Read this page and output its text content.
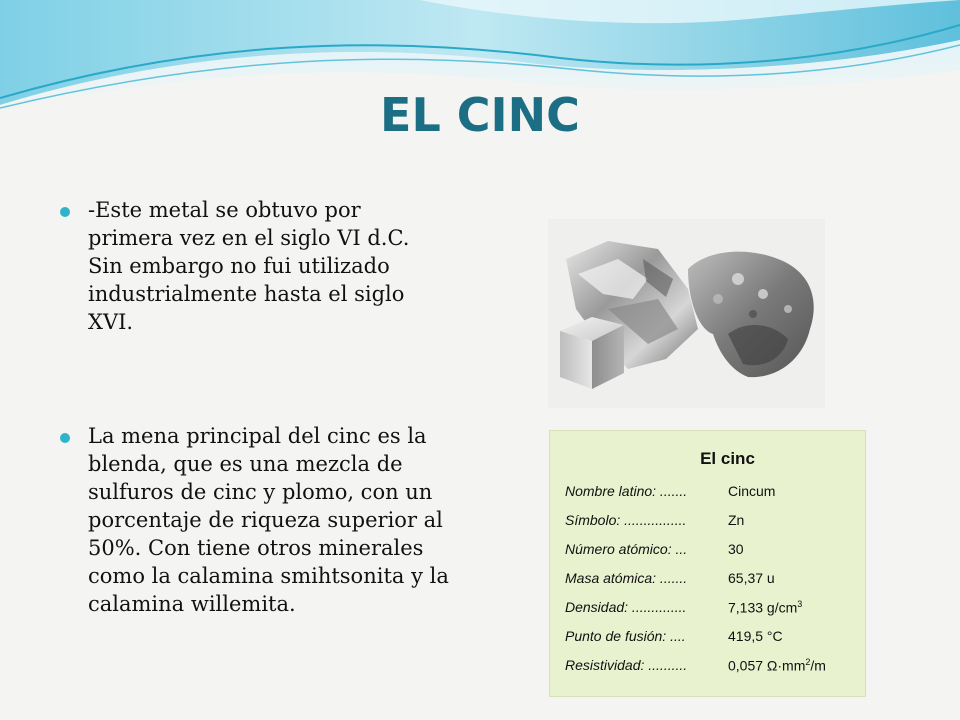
EL CINC
-Este metal se obtuvo por primera vez en el siglo VI d.C. Sin embargo no fui utilizado industrialmente hasta el siglo XVI.
La mena principal del cinc es la blenda, que es una mezcla de sulfuros de cinc y plomo, con un porcentaje de riqueza superior al 50%. Con tiene otros minerales como la calamina smihtsonita y la calamina willemita.
El cinc
Nombre latino: .......	Cincum
Símbolo: ................	Zn
Número atómico: ...	30
Masa atómica: .......	65,37 u
Densidad: ..............	7,133 $g/cm^3$
Punto de fusión: ....	419,5 °C
Resistividad: ..........	0,057 $\Omega\cdot mm^2/m$
